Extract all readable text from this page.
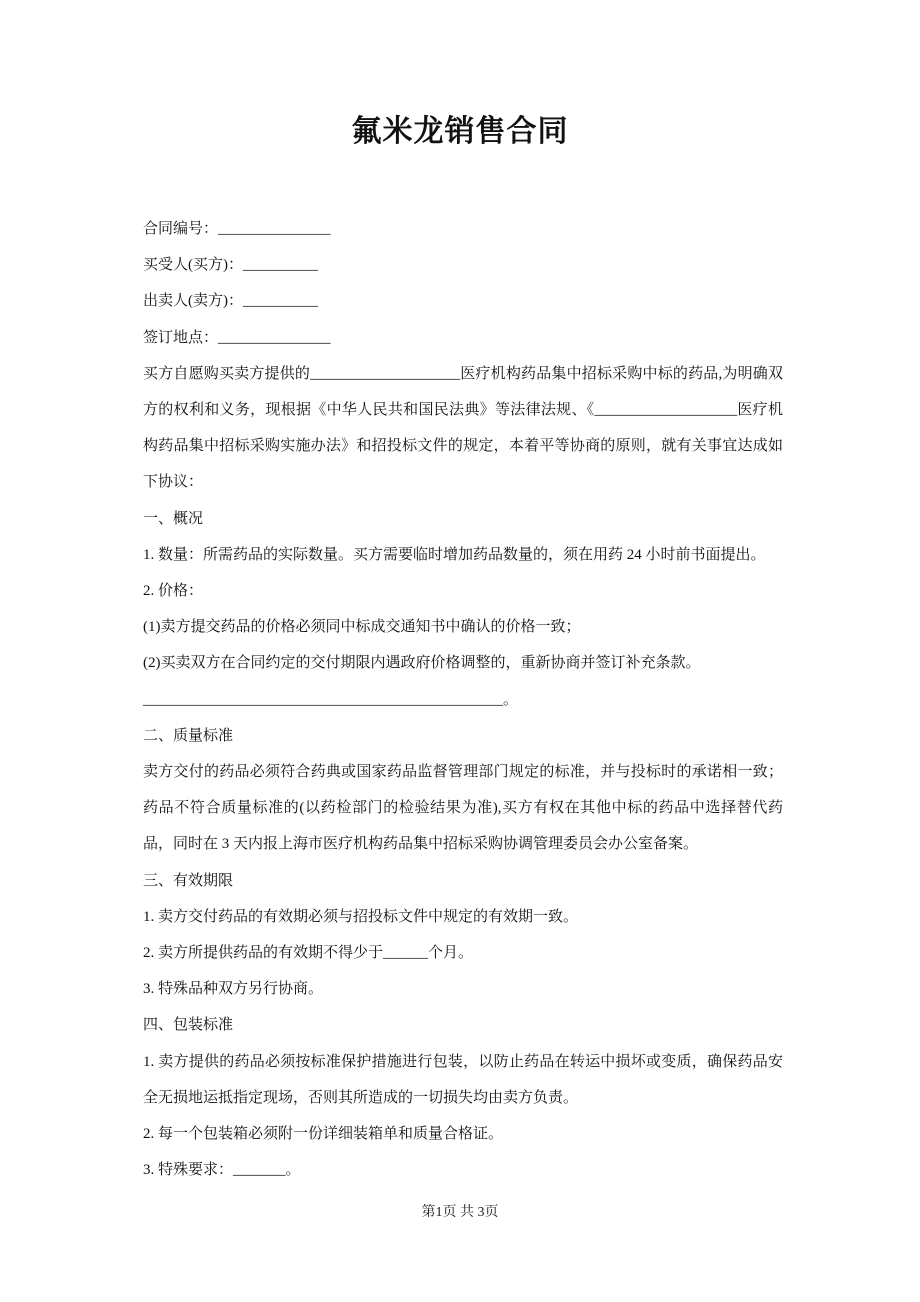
氟米龙销售合同

合同编号：_______________

买受人(买方)：__________

出卖人(卖方)：__________

签订地点：_______________

买方自愿购买卖方提供的____________________医疗机构药品集中招标采购中标的药品,为明确双方的权利和义务，现根据《中华人民共和国民法典》等法律法规、《___________________医疗机构药品集中招标采购实施办法》和招投标文件的规定，本着平等协商的原则，就有关事宜达成如下协议：

一、概况

1. 数量：所需药品的实际数量。买方需要临时增加药品数量的，须在用药 24 小时前书面提出。

2. 价格：

(1)卖方提交药品的价格必须同中标成交通知书中确认的价格一致；

(2)买卖双方在合同约定的交付期限内遇政府价格调整的，重新协商并签订补充条款。

________________________________________________。

二、质量标准

卖方交付的药品必须符合药典或国家药品监督管理部门规定的标准，并与投标时的承诺相一致；药品不符合质量标准的(以药检部门的检验结果为准),买方有权在其他中标的药品中选择替代药品，同时在 3 天内报上海市医疗机构药品集中招标采购协调管理委员会办公室备案。

三、有效期限

1. 卖方交付药品的有效期必须与招投标文件中规定的有效期一致。

2. 卖方所提供药品的有效期不得少于______个月。

3. 特殊品种双方另行协商。

四、包装标准

1. 卖方提供的药品必须按标准保护措施进行包装，以防止药品在转运中损坏或变质，确保药品安全无损地运抵指定现场，否则其所造成的一切损失均由卖方负责。

2. 每一个包装箱必须附一份详细装箱单和质量合格证。

3. 特殊要求：_______。

第1页 共 3页
